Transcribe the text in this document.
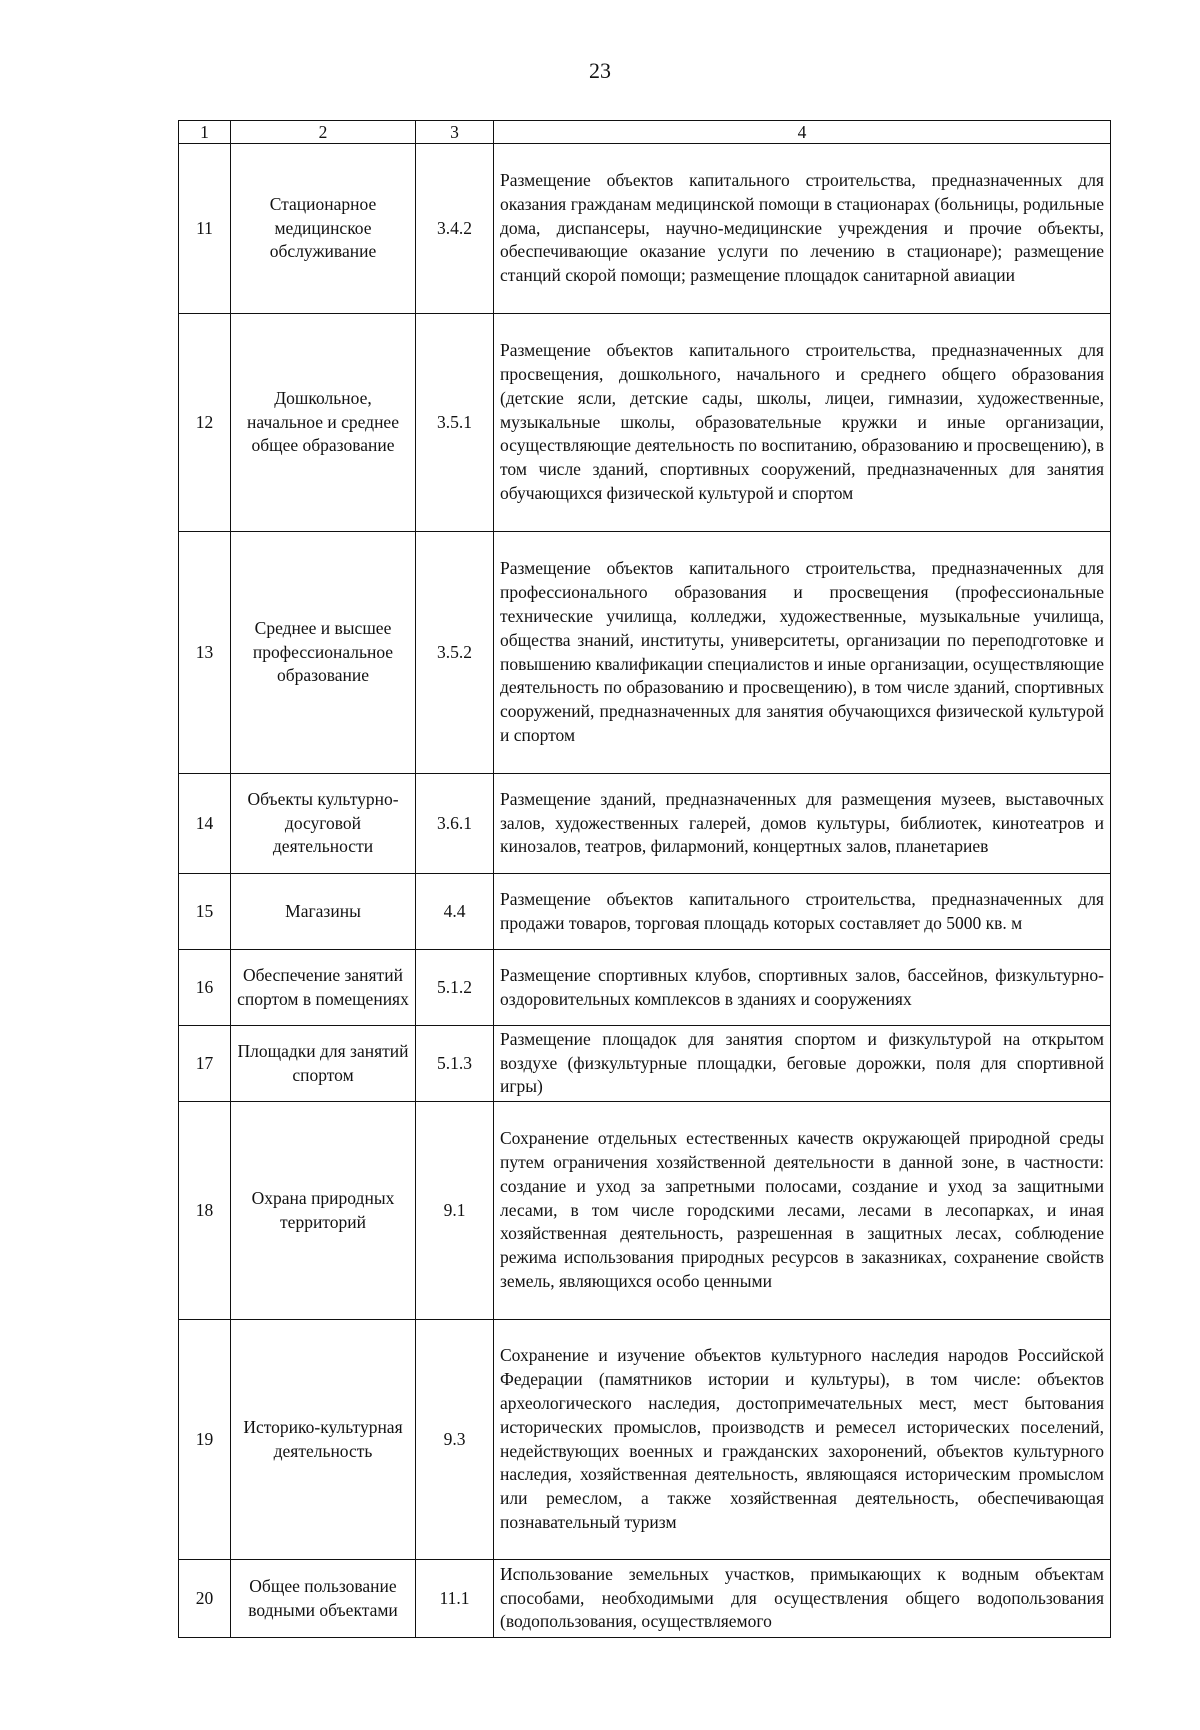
23
1	2	3	4
11	Стационарное медицинское обслуживание	3.4.2	Размещение объектов капитального строительства, предназначенных для оказания гражданам медицинской помощи в стационарах (больницы, родильные дома, диспансеры, научно-медицинские учреждения и прочие объекты, обеспечивающие оказание услуги по лечению в стационаре); размещение станций скорой помощи; размещение площадок санитарной авиации
12	Дошкольное, начальное и среднее общее образование	3.5.1	Размещение объектов капитального строительства, предназначенных для просвещения, дошкольного, начального и среднего общего образования (детские ясли, детские сады, школы, лицеи, гимназии, художественные, музыкальные школы, образовательные кружки и иные организации, осуществляющие деятельность по воспитанию, образованию и просвещению), в том числе зданий, спортивных сооружений, предназначенных для занятия обучающихся физической культурой и спортом
13	Среднее и высшее профессиональное образование	3.5.2	Размещение объектов капитального строительства, предназначенных для профессионального образования и просвещения (профессиональные технические училища, колледжи, художественные, музыкальные училища, общества знаний, институты, университеты, организации по переподготовке и повышению квалификации специалистов и иные организации, осуществляющие деятельность по образованию и просвещению), в том числе зданий, спортивных сооружений, предназначенных для занятия обучающихся физической культурой и спортом
14	Объекты культурно-досуговой деятельности	3.6.1	Размещение зданий, предназначенных для размещения музеев, выставочных залов, художественных галерей, домов культуры, библиотек, кинотеатров и кинозалов, театров, филармоний, концертных залов, планетариев
15	Магазины	4.4	Размещение объектов капитального строительства, предназначенных для продажи товаров, торговая площадь которых составляет до 5000 кв. м
16	Обеспечение занятий спортом в помещениях	5.1.2	Размещение спортивных клубов, спортивных залов, бассейнов, физкультурно-оздоровительных комплексов в зданиях и сооружениях
17	Площадки для занятий спортом	5.1.3	Размещение площадок для занятия спортом и физкультурой на открытом воздухе (физкультурные площадки, беговые дорожки, поля для спортивной игры)
18	Охрана природных территорий	9.1	Сохранение отдельных естественных качеств окружающей природной среды путем ограничения хозяйственной деятельности в данной зоне, в частности: создание и уход за запретными полосами, создание и уход за защитными лесами, в том числе городскими лесами, лесами в лесопарках, и иная хозяйственная деятельность, разрешенная в защитных лесах, соблюдение режима использования природных ресурсов в заказниках, сохранение свойств земель, являющихся особо ценными
19	Историко-культурная деятельность	9.3	Сохранение и изучение объектов культурного наследия народов Российской Федерации (памятников истории и культуры), в том числе: объектов археологического наследия, достопримечательных мест, мест бытования исторических промыслов, производств и ремесел исторических поселений, недействующих военных и гражданских захоронений, объектов культурного наследия, хозяйственная деятельность, являющаяся историческим промыслом или ремеслом, а также хозяйственная деятельность, обеспечивающая познавательный туризм
20	Общее пользование водными объектами	11.1	Использование земельных участков, примыкающих к водным объектам способами, необходимыми для осуществления общего водопользования (водопользования, осуществляемого
